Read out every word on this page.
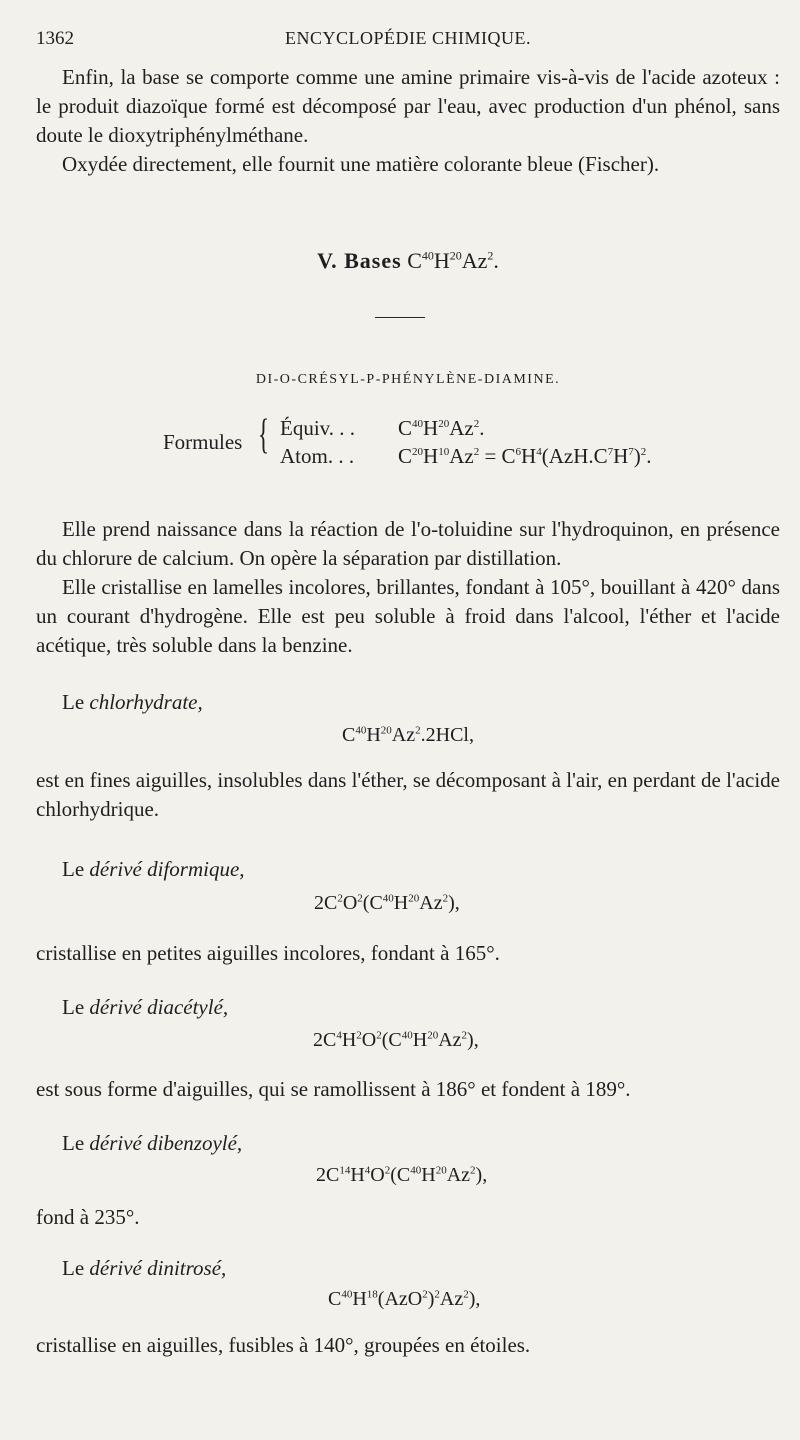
1362	ENCYCLOPÉDIE CHIMIQUE.
Enfin, la base se comporte comme une amine primaire vis-à-vis de l'acide azoteux : le produit diazoïque formé est décomposé par l'eau, avec production d'un phénol, sans doute le dioxytriphénylméthane.
Oxydée directement, elle fournit une matière colorante bleue (Fischer).
V. Bases $C^{40}H^{20}Az^2$.
DI-O-CRÉSYL-P-PHÉNYLÈNE-DIAMINE.
Formules { Équiv. . . $C^{40}H^{20}Az^2$.
Atom. . . $C^{20}H^{10}Az^2 = C^6H^4(AzH.C^7H^7)^2$.
Elle prend naissance dans la réaction de l'o-toluidine sur l'hydroquinon, en présence du chlorure de calcium. On opère la séparation par distillation.
Elle cristallise en lamelles incolores, brillantes, fondant à 105°, bouillant à 420° dans un courant d'hydrogène. Elle est peu soluble à froid dans l'alcool, l'éther et l'acide acétique, très soluble dans la benzine.
Le chlorhydrate,
$C^{40}H^{20}Az^2.2HCl$,
est en fines aiguilles, insolubles dans l'éther, se décomposant à l'air, en perdant de l'acide chlorhydrique.
Le dérivé diformique,
$2C^2O^2(C^{40}H^{20}Az^2)$,
cristallise en petites aiguilles incolores, fondant à 165°.
Le dérivé diacétylé,
$2C^4H^2O^2(C^{40}H^{20}Az^2)$,
est sous forme d'aiguilles, qui se ramollissent à 186° et fondent à 189°.
Le dérivé dibenzoylé,
$2C^{14}H^4O^2(C^{40}H^{20}Az^2)$,
fond à 235°.
Le dérivé dinitrosé,
$C^{40}H^{18}(AzO^2)^2Az^2$),
cristallise en aiguilles, fusibles à 140°, groupées en étoiles.
